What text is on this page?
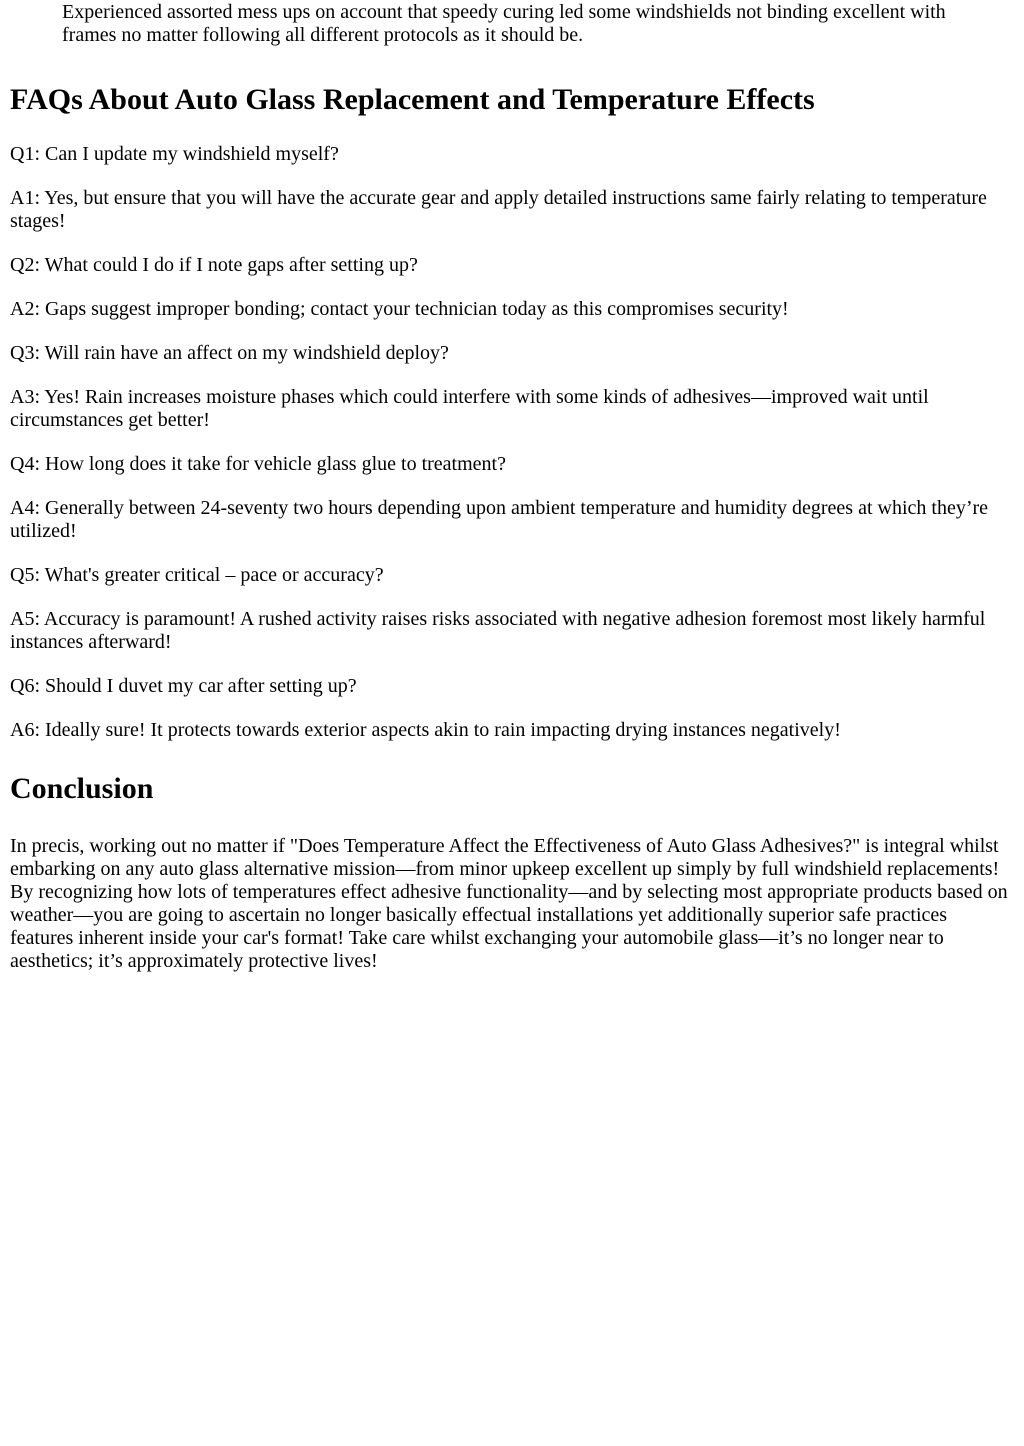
Experienced assorted mess ups on account that speedy curing led some windshields not binding excellent with frames no matter following all different protocols as it should be.
FAQs About Auto Glass Replacement and Temperature Effects

Q1: Can I update my windshield myself?

A1: Yes, but ensure that you will have the accurate gear and apply detailed instructions same fairly relating to temperature stages!

Q2: What could I do if I note gaps after setting up?

A2: Gaps suggest improper bonding; contact your technician today as this compromises security!

Q3: Will rain have an affect on my windshield deploy?

A3: Yes! Rain increases moisture phases which could interfere with some kinds of adhesives—improved wait until circumstances get better!

Q4: How long does it take for vehicle glass glue to treatment?

A4: Generally between 24-seventy two hours depending upon ambient temperature and humidity degrees at which they’re utilized!

Q5: What's greater critical – pace or accuracy?

A5: Accuracy is paramount! A rushed activity raises risks associated with negative adhesion foremost most likely harmful instances afterward!

Q6: Should I duvet my car after setting up?

A6: Ideally sure! It protects towards exterior aspects akin to rain impacting drying instances negatively!

Conclusion

In precis, working out no matter if "Does Temperature Affect the Effectiveness of Auto Glass Adhesives?" is integral whilst embarking on any auto glass alternative mission—from minor upkeep excellent up simply by full windshield replacements! By recognizing how lots of temperatures effect adhesive functionality—and by selecting most appropriate products based on weather—you are going to ascertain no longer basically effectual installations yet additionally superior safe practices features inherent inside your car's format! Take care whilst exchanging your automobile glass—it’s no longer near to aesthetics; it’s approximately protective lives!
